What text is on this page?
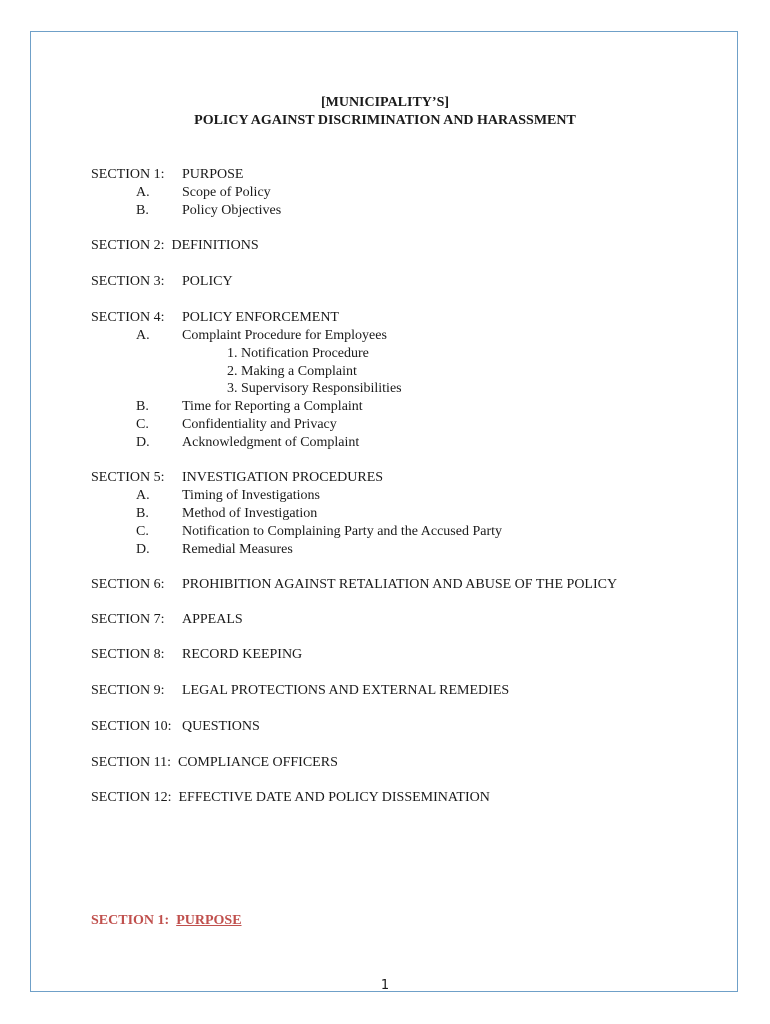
[MUNICIPALITY’S]
POLICY AGAINST DISCRIMINATION AND HARASSMENT
SECTION 1: PURPOSE
A. Scope of Policy
B. Policy Objectives
SECTION 2: DEFINITIONS
SECTION 3: POLICY
SECTION 4: POLICY ENFORCEMENT
A. Complaint Procedure for Employees
1. Notification Procedure
2. Making a Complaint
3. Supervisory Responsibilities
B. Time for Reporting a Complaint
C. Confidentiality and Privacy
D. Acknowledgment of Complaint
SECTION 5: INVESTIGATION PROCEDURES
A. Timing of Investigations
B. Method of Investigation
C. Notification to Complaining Party and the Accused Party
D. Remedial Measures
SECTION 6: PROHIBITION AGAINST RETALIATION AND ABUSE OF THE POLICY
SECTION 7: APPEALS
SECTION 8: RECORD KEEPING
SECTION 9: LEGAL PROTECTIONS AND EXTERNAL REMEDIES
SECTION 10: QUESTIONS
SECTION 11: COMPLIANCE OFFICERS
SECTION 12: EFFECTIVE DATE AND POLICY DISSEMINATION
SECTION 1: PURPOSE
1
